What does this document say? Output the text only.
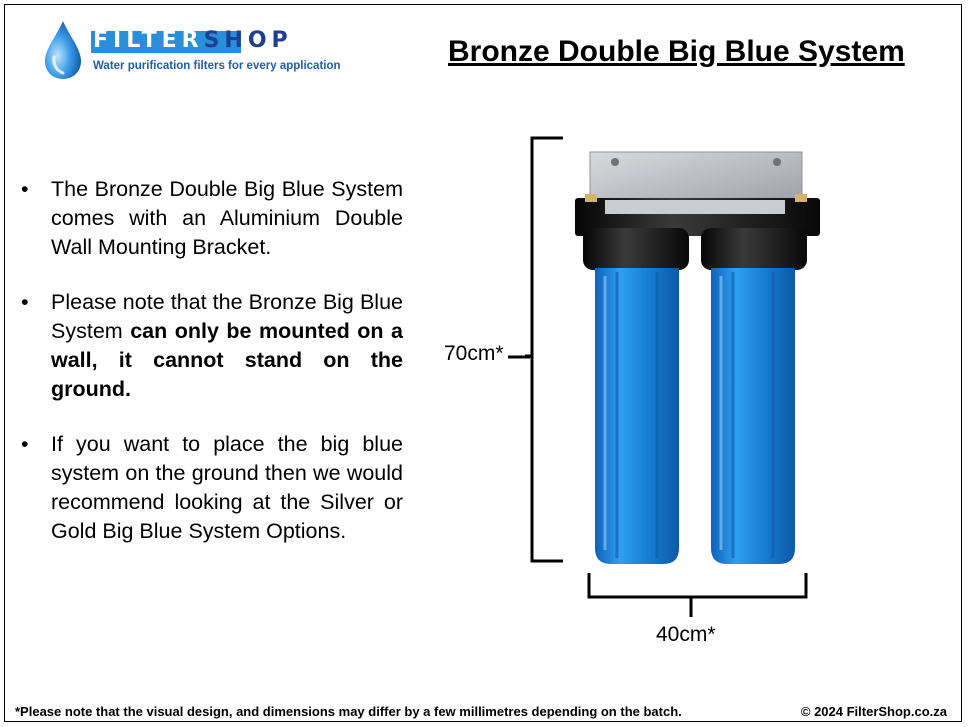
FILTERSHOP
Water purification filters for every application	Bronze Double Big Blue System
• The Bronze Double Big Blue System comes with an Aluminium Double Wall Mounting Bracket.
• Please note that the Bronze Big Blue System can only be mounted on a wall, it cannot stand on the ground.
• If you want to place the big blue system on the ground then we would recommend looking at the Silver or Gold Big Blue System Options.
70cm*
40cm*
*Please note that the visual design, and dimensions may differ by a few millimetres depending on the batch.	© 2024 FilterShop.co.za
